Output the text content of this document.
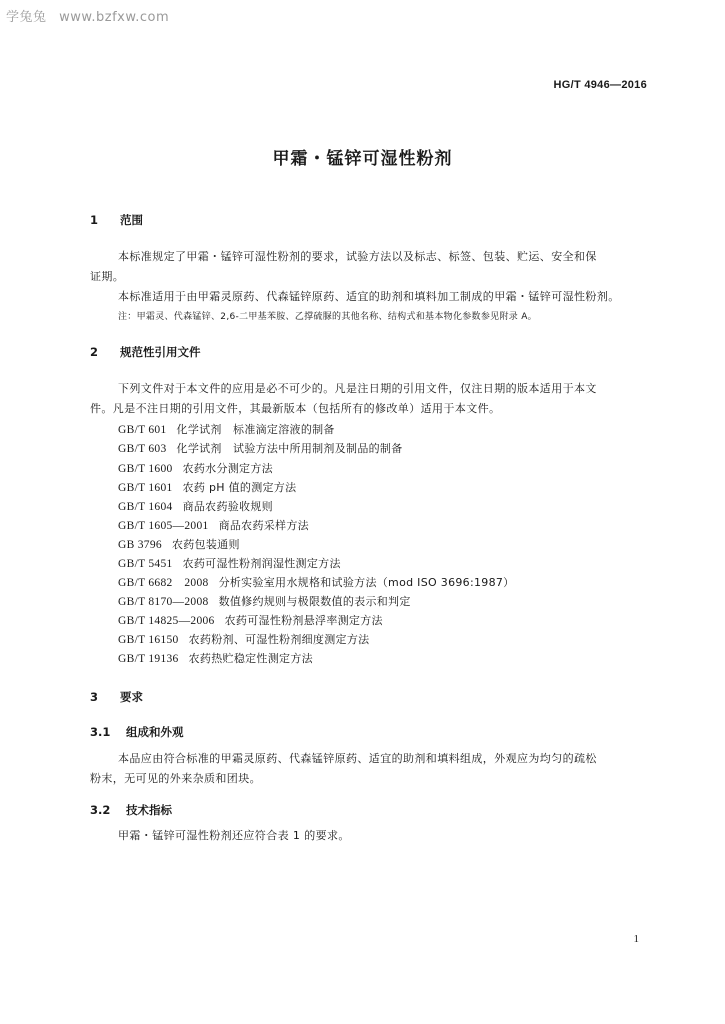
学兔兔 www.bzfxw.com
HG/T 4946—2016
甲霜・锰锌可湿性粉剂
1 范围
本标准规定了甲霜・锰锌可湿性粉剂的要求，试验方法以及标志、标签、包装、贮运、安全和保
证期。
本标准适用于由甲霜灵原药、代森锰锌原药、适宜的助剂和填料加工制成的甲霜・锰锌可湿性粉剂。
注：甲霜灵、代森锰锌、2,6-二甲基苯胺、乙撑硫脲的其他名称、结构式和基本物化参数参见附录 A。
2 规范性引用文件
下列文件对于本文件的应用是必不可少的。凡是注日期的引用文件，仅注日期的版本适用于本文
件。凡是不注日期的引用文件，其最新版本（包括所有的修改单）适用于本文件。
GB/T 601 化学试剂　标准滴定溶液的制备
GB/T 603 化学试剂　试验方法中所用制剂及制品的制备
GB/T 1600 农药水分测定方法
GB/T 1601 农药 pH 值的测定方法
GB/T 1604 商品农药验收规则
GB/T 1605—2001 商品农药采样方法
GB 3796 农药包装通则
GB/T 5451 农药可湿性粉剂润湿性测定方法
GB/T 6682　2008 分析实验室用水规格和试验方法（mod ISO 3696:1987）
GB/T 8170—2008 数值修约规则与极限数值的表示和判定
GB/T 14825—2006 农药可湿性粉剂悬浮率测定方法
GB/T 16150 农药粉剂、可湿性粉剂细度测定方法
GB/T 19136 农药热贮稳定性测定方法
3 要求
3.1 组成和外观
本品应由符合标准的甲霜灵原药、代森锰锌原药、适宜的助剂和填料组成，外观应为均匀的疏松
粉末，无可见的外来杂质和团块。
3.2 技术指标
甲霜・锰锌可湿性粉剂还应符合表 1 的要求。
1
